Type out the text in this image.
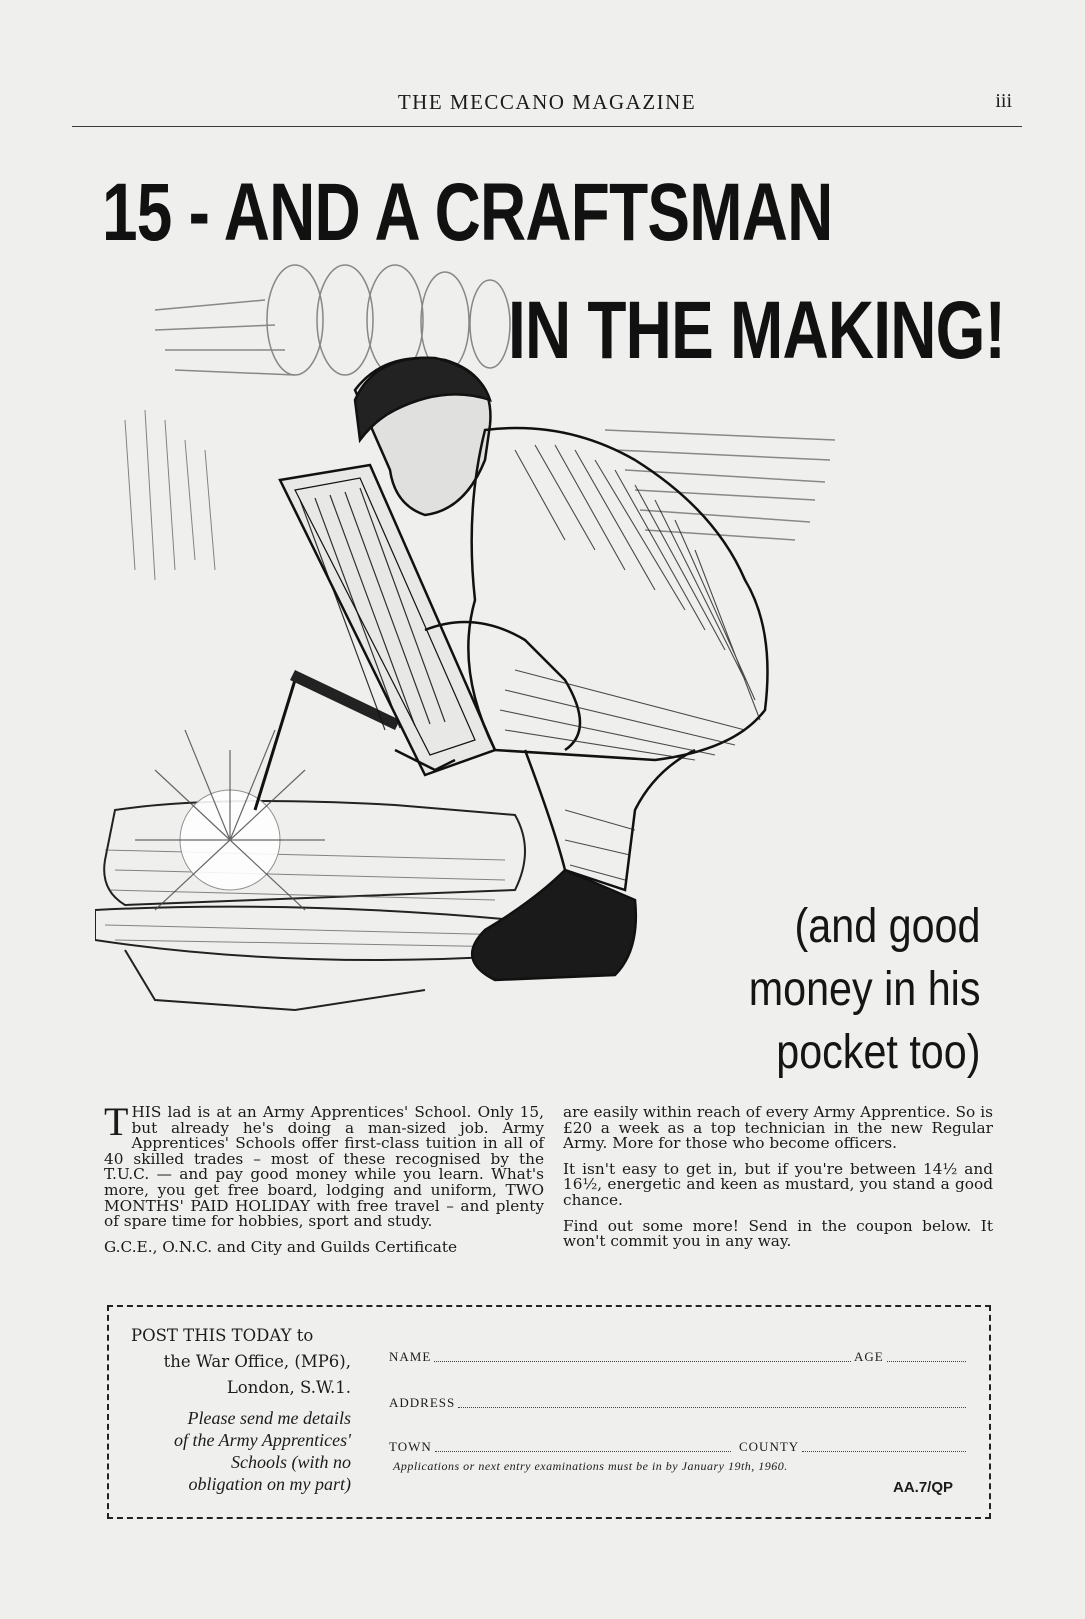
THE MECCANO MAGAZINE	iii
15 - AND A CRAFTSMAN
IN THE MAKING!
(and good
money in his
pocket too)

THIS lad is at an Army Apprentices' School. Only 15, but already he's doing a man-sized job. Army Apprentices' Schools offer first-class tuition in all of 40 skilled trades – most of these recognised by the T.U.C. — and pay good money while you learn. What's more, you get free board, lodging and uniform, TWO MONTHS' PAID HOLIDAY with free travel – and plenty of spare time for hobbies, sport and study.

G.C.E., O.N.C. and City and Guilds Certificate

are easily within reach of every Army Apprentice. So is £20 a week as a top technician in the new Regular Army. More for those who become officers.

It isn't easy to get in, but if you're between 14½ and 16½, energetic and keen as mustard, you stand a good chance.

Find out some more! Send in the coupon below. It won't commit you in any way.

POST THIS TODAY to
the War Office, (MP6),
London, S.W.1.
Please send me details
of the Army Apprentices'
Schools (with no
obligation on my part)
NAME	AGE
ADDRESS
TOWN	COUNTY
Applications or next entry examinations must be in by January 19th, 1960.
AA.7/QP
